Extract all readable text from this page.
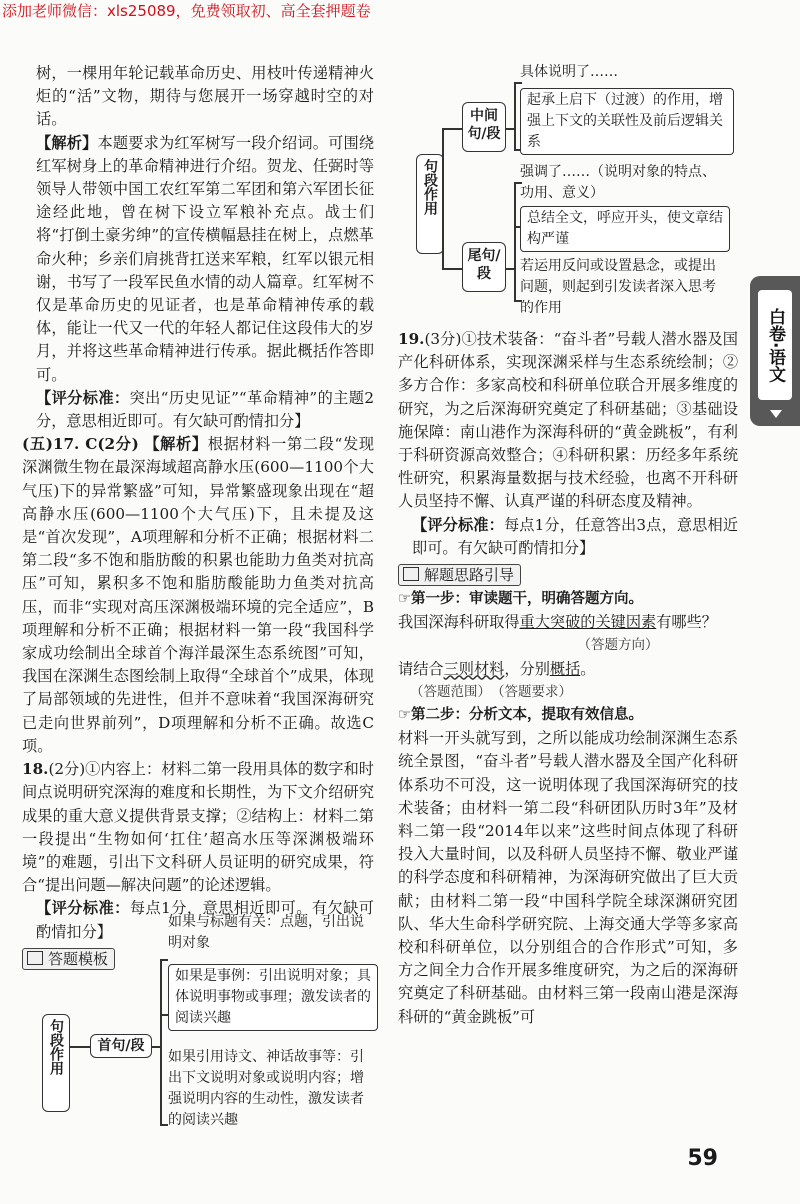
添加老师微信：xls25089，免费领取初、高全套押题卷

树，一棵用年轮记载革命历史、用枝叶传递精神火炬的“活”文物，期待与您展开一场穿越时空的对话。

【解析】本题要求为红军树写一段介绍词。可围绕红军树身上的革命精神进行介绍。贺龙、任弼时等领导人带领中国工农红军第二军团和第六军团长征途经此地，曾在树下设立军粮补充点。战士们将“打倒土豪劣绅”的宣传横幅悬挂在树上，点燃革命火种；乡亲们肩挑背扛送来军粮，红军以银元相谢，书写了一段军民鱼水情的动人篇章。红军树不仅是革命历史的见证者，也是革命精神传承的载体，能让一代又一代的年轻人都记住这段伟大的岁月，并将这些革命精神进行传承。据此概括作答即可。

【评分标准：突出“历史见证”“革命精神”的主题2分，意思相近即可。有欠缺可酌情扣分】

(五)17. C(2分) 【解析】根据材料一第二段“发现深渊微生物在最深海域超高静水压(600—1100个大气压)下的异常繁盛”可知，异常繁盛现象出现在“超高静水压(600—1100个大气压)下，且未提及这是“首次发现”，A项理解和分析不正确；根据材料二第二段“多不饱和脂肪酸的积累也能助力鱼类对抗高压”可知，累积多不饱和脂肪酸能助力鱼类对抗高压，而非“实现对高压深渊极端环境的完全适应”，B项理解和分析不正确；根据材料一第一段“我国科学家成功绘制出全球首个海洋最深生态系统图”可知，我国在深渊生态图绘制上取得“全球首个”成果，体现了局部领域的先进性，但并不意味着“我国深海研究已走向世界前列”，D项理解和分析不正确。故选C项。

18.(2分)①内容上：材料二第一段用具体的数字和时间点说明研究深海的难度和长期性，为下文介绍研究成果的重大意义提供背景支撑；②结构上：材料二第一段提出“生物如何‘扛住’超高水压等深渊极端环境”的难题，引出下文科研人员证明的研究成果，符合“提出问题—解决问题”的论述逻辑。

【评分标准：每点1分，意思相近即可。有欠缺可酌情扣分】

答题模板
句段作用	首句/段
如果与标题有关：点题，引出说明对象
如果是事例：引出说明对象；具体说明事物或事理；激发读者的阅读兴趣
如果引用诗文、神话故事等：引出下文说明对象或说明内容；增强说明内容的生动性，激发读者的阅读兴趣
句段作用
中间句/段
尾句/段
具体说明了……
起承上启下（过渡）的作用，增强上下文的关联性及前后逻辑关系
强调了……（说明对象的特点、功用、意义）
总结全文，呼应开头，使文章结构严谨
若运用反问或设置悬念，或提出问题，则起到引发读者深入思考的作用	白卷·语文

19.(3分)①技术装备：“奋斗者”号载人潜水器及国产化科研体系，实现深渊采样与生态系统绘制；②多方合作：多家高校和科研单位联合开展多维度的研究，为之后深海研究奠定了科研基础；③基础设施保障：南山港作为深海科研的“黄金跳板”，有利于科研资源高效整合；④科研积累：历经多年系统性研究，积累海量数据与技术经验，也离不开科研人员坚持不懈、认真严谨的科研态度及精神。

【评分标准：每点1分，任意答出3点，意思相近即可。有欠缺可酌情扣分】

解题思路引导

☞第一步：审读题干，明确答题方向。

我国深海科研取得重大突破的关键因素有哪些？

（答题方向）

请结合三则材料，分别概括。

（答题范围）　（答题要求）

☞第二步：分析文本，提取有效信息。

材料一开头就写到，之所以能成功绘制深渊生态系统全景图，“奋斗者”号载人潜水器及全国产化科研体系功不可没，这一说明体现了我国深海研究的技术装备；由材料一第二段“科研团队历时3年”及材料二第一段“2014年以来”这些时间点体现了科研投入大量时间，以及科研人员坚持不懈、敬业严谨的科学态度和科研精神，为深海研究做出了巨大贡献；由材料二第一段“中国科学院全球深渊研究团队、华大生命科学研究院、上海交通大学等多家高校和科研单位，以分别组合的合作形式”可知，多方之间全力合作开展多维度研究，为之后的深海研究奠定了科研基础。由材料三第一段南山港是深海科研的“黄金跳板”可

59
